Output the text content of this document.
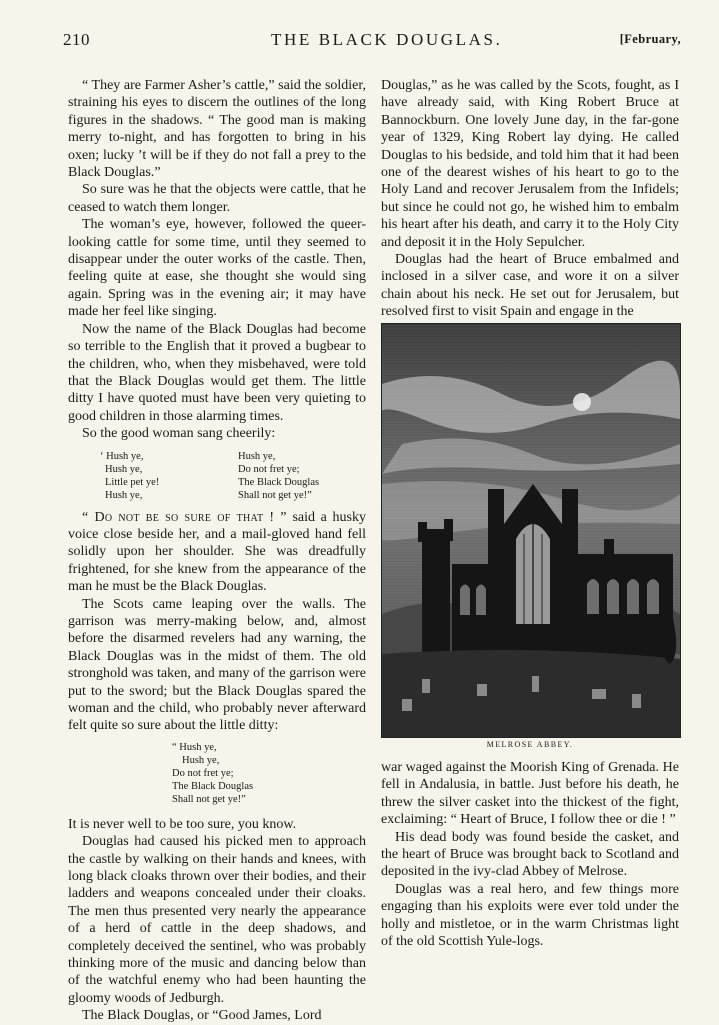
210	THE BLACK DOUGLAS.	[February,

“ They are Farmer Asher’s cattle,” said the soldier, straining his eyes to discern the outlines of the long figures in the shadows. “ The good man is making merry to-night, and has forgotten to bring in his oxen; lucky ’t will be if they do not fall a prey to the Black Douglas.”

So sure was he that the objects were cattle, that he ceased to watch them longer.

The woman’s eye, however, followed the queer-looking cattle for some time, until they seemed to disappear under the outer works of the castle. Then, feeling quite at ease, she thought she would sing again. Spring was in the evening air; it may have made her feel like singing.

Now the name of the Black Douglas had become so terrible to the English that it proved a bugbear to the children, who, when they misbehaved, were told that the Black Douglas would get them. The little ditty I have quoted must have been very quieting to good children in those alarming times.

So the good woman sang cheerily:

‘ Hush ye,
Hush ye,
Little pet ye!
Hush ye,
Hush ye,
Do not fret ye;
The Black Douglas
Shall not get ye!”

“ Do not be so sure of that ! ” said a husky voice close beside her, and a mail-gloved hand fell solidly upon her shoulder. She was dreadfully frightened, for she knew from the appearance of the man he must be the Black Douglas.

The Scots came leaping over the walls. The garrison was merry-making below, and, almost before the disarmed revelers had any warning, the Black Douglas was in the midst of them. The old stronghold was taken, and many of the garrison were put to the sword; but the Black Douglas spared the woman and the child, who probably never afterward felt quite so sure about the little ditty:

“ Hush ye,
Hush ye,
Do not fret ye;
The Black Douglas
Shall not get ye!”

It is never well to be too sure, you know.

Douglas had caused his picked men to approach the castle by walking on their hands and knees, with long black cloaks thrown over their bodies, and their ladders and weapons concealed under their cloaks. The men thus presented very nearly the appearance of a herd of cattle in the deep shadows, and completely deceived the sentinel, who was probably thinking more of the music and dancing below than of the watchful enemy who had been haunting the gloomy woods of Jedburgh.

The Black Douglas, or “Good James, Lord

Douglas,” as he was called by the Scots, fought, as I have already said, with King Robert Bruce at Bannockburn. One lovely June day, in the far-gone year of 1329, King Robert lay dying. He called Douglas to his bedside, and told him that it had been one of the dearest wishes of his heart to go to the Holy Land and recover Jerusalem from the Infidels; but since he could not go, he wished him to embalm his heart after his death, and carry it to the Holy City and deposit it in the Holy Sepulcher.

Douglas had the heart of Bruce embalmed and inclosed in a silver case, and wore it on a silver chain about his neck. He set out for Jerusalem, but resolved first to visit Spain and engage in the

MELROSE ABBEY.

war waged against the Moorish King of Grenada. He fell in Andalusia, in battle. Just before his death, he threw the silver casket into the thickest of the fight, exclaiming: “ Heart of Bruce, I follow thee or die ! ”

His dead body was found beside the casket, and the heart of Bruce was brought back to Scotland and deposited in the ivy-clad Abbey of Melrose.

Douglas was a real hero, and few things more engaging than his exploits were ever told under the holly and mistletoe, or in the warm Christmas light of the old Scottish Yule-logs.
